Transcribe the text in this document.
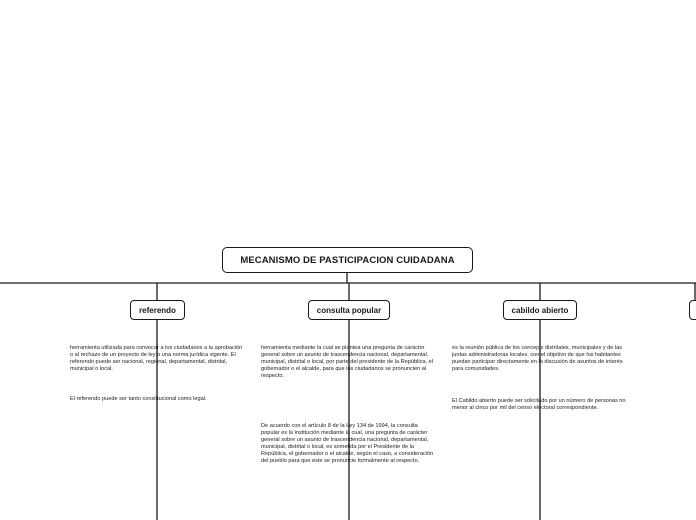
MECANISMO DE PASTICIPACION CUIDADANA
referendo	consulta popular	cabildo abierto

herramienta utilizada para convocar a los ciudadanos a la aprobación o al rechazo de un proyecto de ley o una norma jurídica vigente. El referendo puede ser nacional, regional, departamental, distrital, municipal o local.

El referendo puede ser tanto constitucional como legal.

herramienta mediante la cual se plantea una pregunta de carácter general sobre un asunto de trascendencia nacional, departamental, municipal, distrital o local, por parte del presidente de la República, el gobernador o el alcalde, para que los ciudadanos se pronuncien al respecto.

De acuerdo con el artículo 8 de la Ley 134 de 1994, la consulta popular es la institución mediante la cual, una pregunta de carácter general sobre un asunto de trascendencia nacional, departamental, municipal, distrital o local, es sometida por el Presidente de la República, el gobernador o el alcalde, según el caso, a consideración del pueblo para que éste se pronuncie formalmente al respecto.

es la reunión pública de los concejos distritales, municipales y de las juntas administradoras locales, con el objetivo de que los habitantes puedan participar directamente en la discusión de asuntos de interés para comunidades.

El Cabildo abierto puede ser solicitado por un número de personas no menor al cinco por mil del censo electoral correspondiente.
